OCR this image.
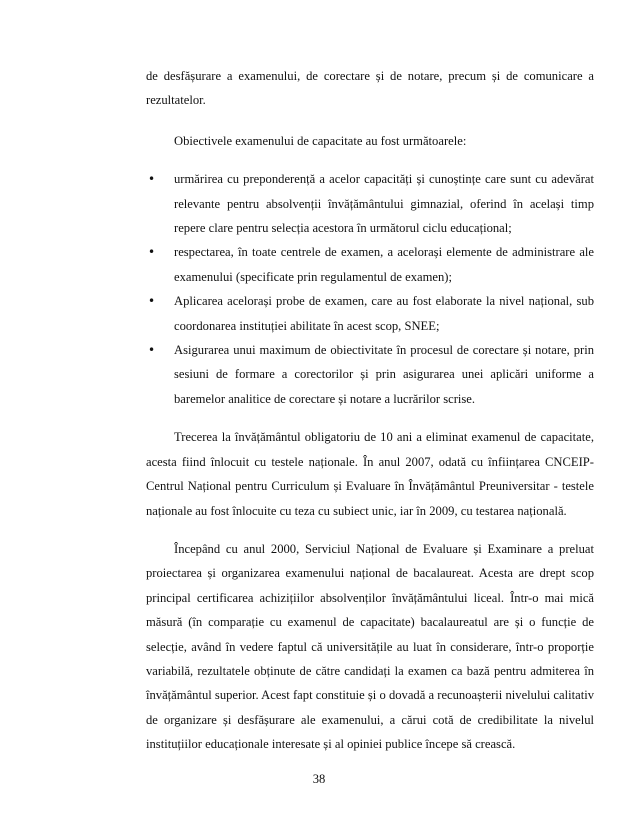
de desfășurare a examenului, de corectare și de notare, precum și de comunicare a rezultatelor.

Obiectivele examenului de capacitate au fost următoarele:

• urmărirea cu preponderență a acelor capacități și cunoștințe care sunt cu adevărat relevante pentru absolvenții învățământului gimnazial, oferind în același timp repere clare pentru selecția acestora în următorul ciclu educațional;
• respectarea, în toate centrele de examen, a acelorași elemente de administrare ale examenului (specificate prin regulamentul de examen);
• Aplicarea acelorași probe de examen, care au fost elaborate la nivel național, sub coordonarea instituției abilitate în acest scop, SNEE;
• Asigurarea unui maximum de obiectivitate în procesul de corectare și notare, prin sesiuni de formare a corectorilor și prin asigurarea unei aplicări uniforme a baremelor analitice de corectare și notare a lucrărilor scrise.

Trecerea la învățământul obligatoriu de 10 ani a eliminat examenul de capacitate, acesta fiind înlocuit cu testele naționale. În anul 2007, odată cu înființarea CNCEIP-Centrul Național pentru Curriculum și Evaluare în Învățământul Preuniversitar - testele naționale au fost înlocuite cu teza cu subiect unic, iar în 2009, cu testarea națională.

Începând cu anul 2000, Serviciul Național de Evaluare și Examinare a preluat proiectarea și organizarea examenului național de bacalaureat. Acesta are drept scop principal certificarea achizițiilor absolvenților învățământului liceal. Într-o mai mică măsură (în comparație cu examenul de capacitate) bacalaureatul are și o funcție de selecție, având în vedere faptul că universitățile au luat în considerare, într-o proporție variabilă, rezultatele obținute de către candidați la examen ca bază pentru admiterea în învățământul superior. Acest fapt constituie și o dovadă a recunoașterii nivelului calitativ de organizare și desfășurare ale examenului, a cărui cotă de credibilitate la nivelul instituțiilor educaționale interesate și al opiniei publice începe să crească.

38
